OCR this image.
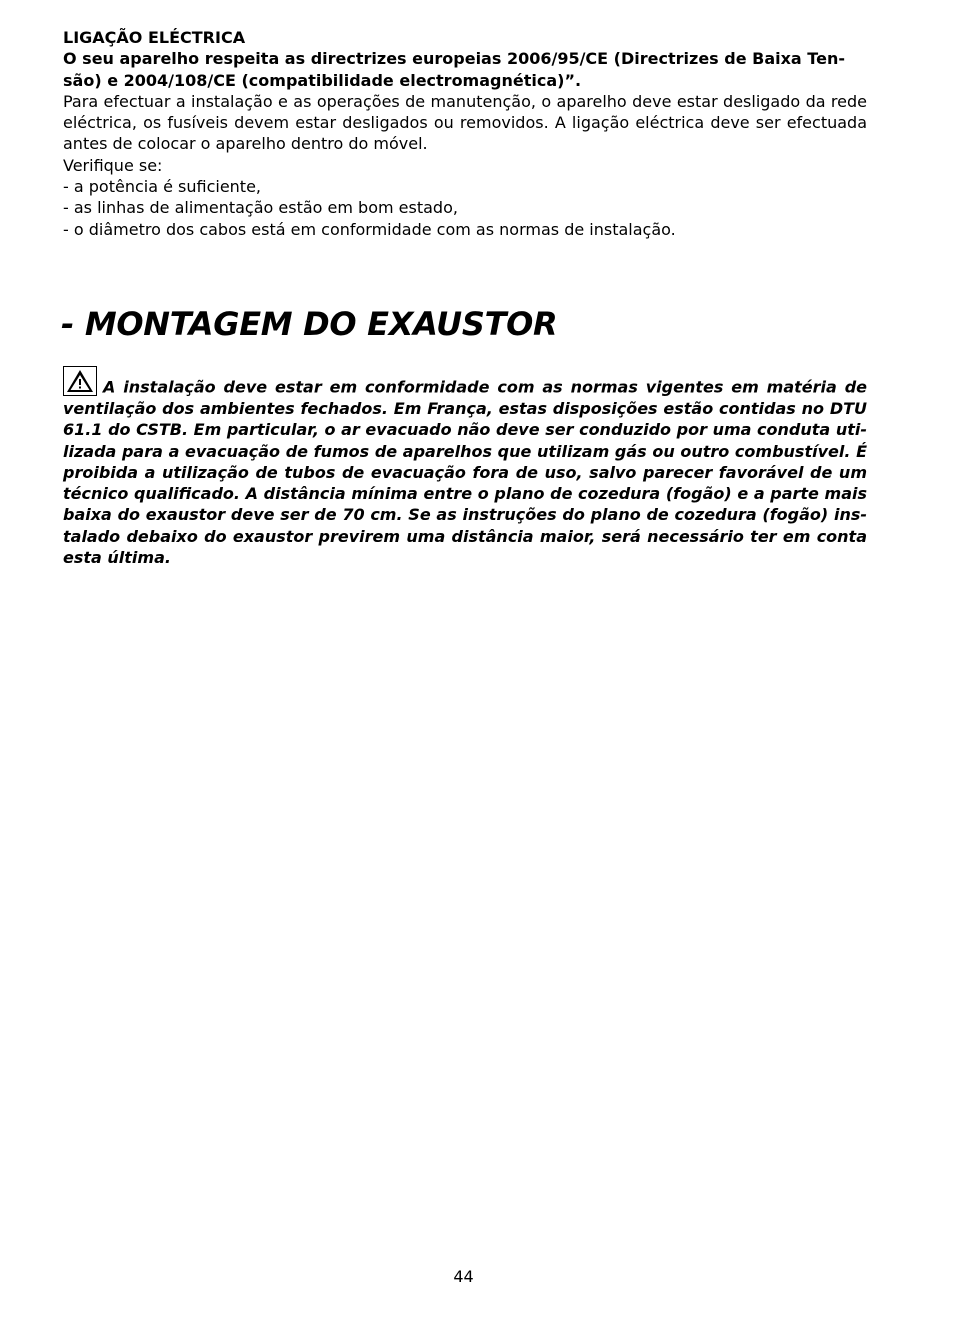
LIGAÇÃO ELÉCTRICA
O seu aparelho respeita as directrizes europeias 2006/95/CE (Directrizes de Baixa Ten-
são) e 2004/108/CE (compatibilidade electromagnética)”.
Para efectuar a instalação e as operações de manutenção, o aparelho deve estar desligado da rede eléctrica, os fusíveis devem estar desligados ou removidos. A ligação eléctrica deve ser efectuada antes de colocar o aparelho dentro do móvel.
Verifique se:
- a potência é suficiente,
- as linhas de alimentação estão em bom estado,
- o diâmetro dos cabos está em conformidade com as normas de instalação.
- MONTAGEM DO EXAUSTOR
A instalação deve estar em conformidade com as normas vigentes em matéria de ventilação dos ambientes fechados. Em França, estas disposições estão contidas no DTU 61.1 do CSTB. Em particular, o ar evacuado não deve ser conduzido por uma conduta uti-lizada para a evacuação de fumos de aparelhos que utilizam gás ou outro combustível. É proibida a utilização de tubos de evacuação fora de uso, salvo parecer favorável de um técnico qualificado. A distância mínima entre o plano de cozedura (fogão) e a parte mais baixa do exaustor deve ser de 70 cm. Se as instruções do plano de cozedura (fogão) ins-talado debaixo do exaustor previrem uma distância maior, será necessário ter em conta esta última.
44
